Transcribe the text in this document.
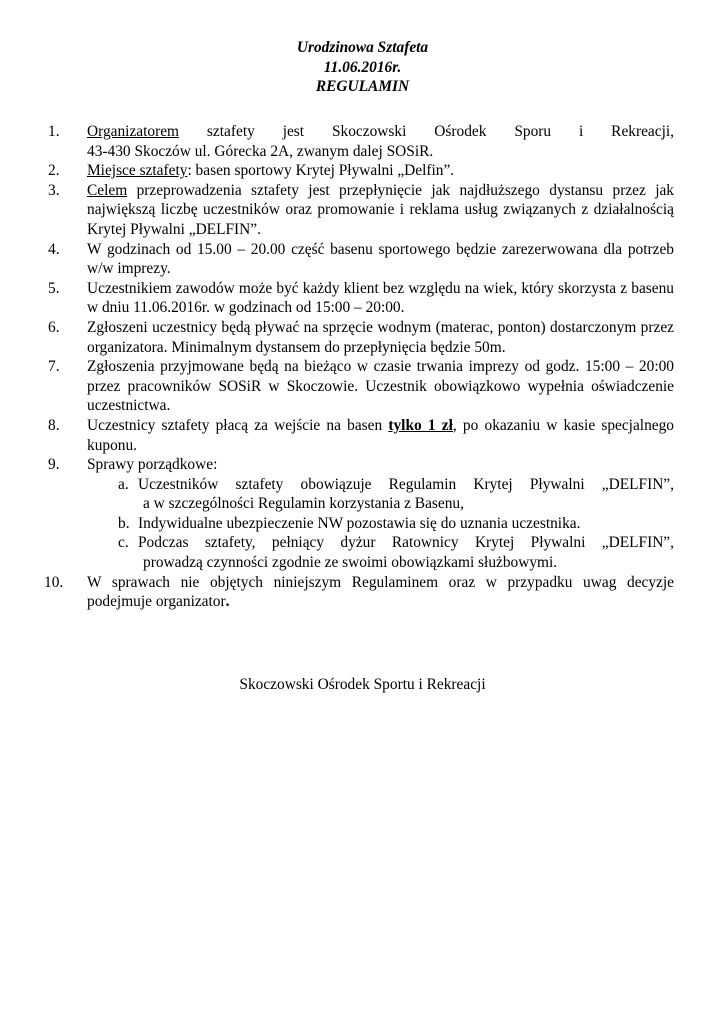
Urodzinowa Sztafeta
11.06.2016r.
REGULAMIN
1.	Organizatorem sztafety jest Skoczowski Ośrodek Sporu i Rekreacji,
43-430 Skoczów ul. Górecka 2A, zwanym dalej SOSiR.
2.	Miejsce sztafety: basen sportowy Krytej Pływalni „Delfin”.
3.	Celem przeprowadzenia sztafety jest przepłynięcie jak najdłuższego dystansu przez jak największą liczbę uczestników oraz promowanie i reklama usług związanych z działalnością Krytej Pływalni „DELFIN”.
4.	W godzinach od 15.00 – 20.00 część basenu sportowego będzie zarezerwowana dla potrzeb w/w imprezy.
5.	Uczestnikiem zawodów może być każdy klient bez względu na wiek, który skorzysta z basenu w dniu 11.06.2016r. w godzinach od 15:00 – 20:00.
6.	Zgłoszeni uczestnicy będą pływać na sprzęcie wodnym (materac, ponton) dostarczonym przez organizatora. Minimalnym dystansem do przepłynięcia będzie 50m.
7.	Zgłoszenia przyjmowane będą na bieżąco w czasie trwania imprezy od godz. 15:00 – 20:00 przez pracowników SOSiR w Skoczowie. Uczestnik obowiązkowo wypełnia oświadczenie uczestnictwa.
8.	Uczestnicy sztafety płacą za wejście na basen tylko 1 zł, po okazaniu w kasie specjalnego kuponu.
9.	Sprawy porządkowe:
a. Uczestników sztafety obowiązuje Regulamin Krytej Pływalni „DELFIN”,
a w szczególności Regulamin korzystania z Basenu,
b. Indywidualne ubezpieczenie NW pozostawia się do uznania uczestnika.
c. Podczas sztafety, pełniący dyżur Ratownicy Krytej Pływalni „DELFIN”,
prowadzą czynności zgodnie ze swoimi obowiązkami służbowymi.
10.	W sprawach nie objętych niniejszym Regulaminem oraz w przypadku uwag decyzje podejmuje organizator.
Skoczowski Ośrodek Sportu i Rekreacji
